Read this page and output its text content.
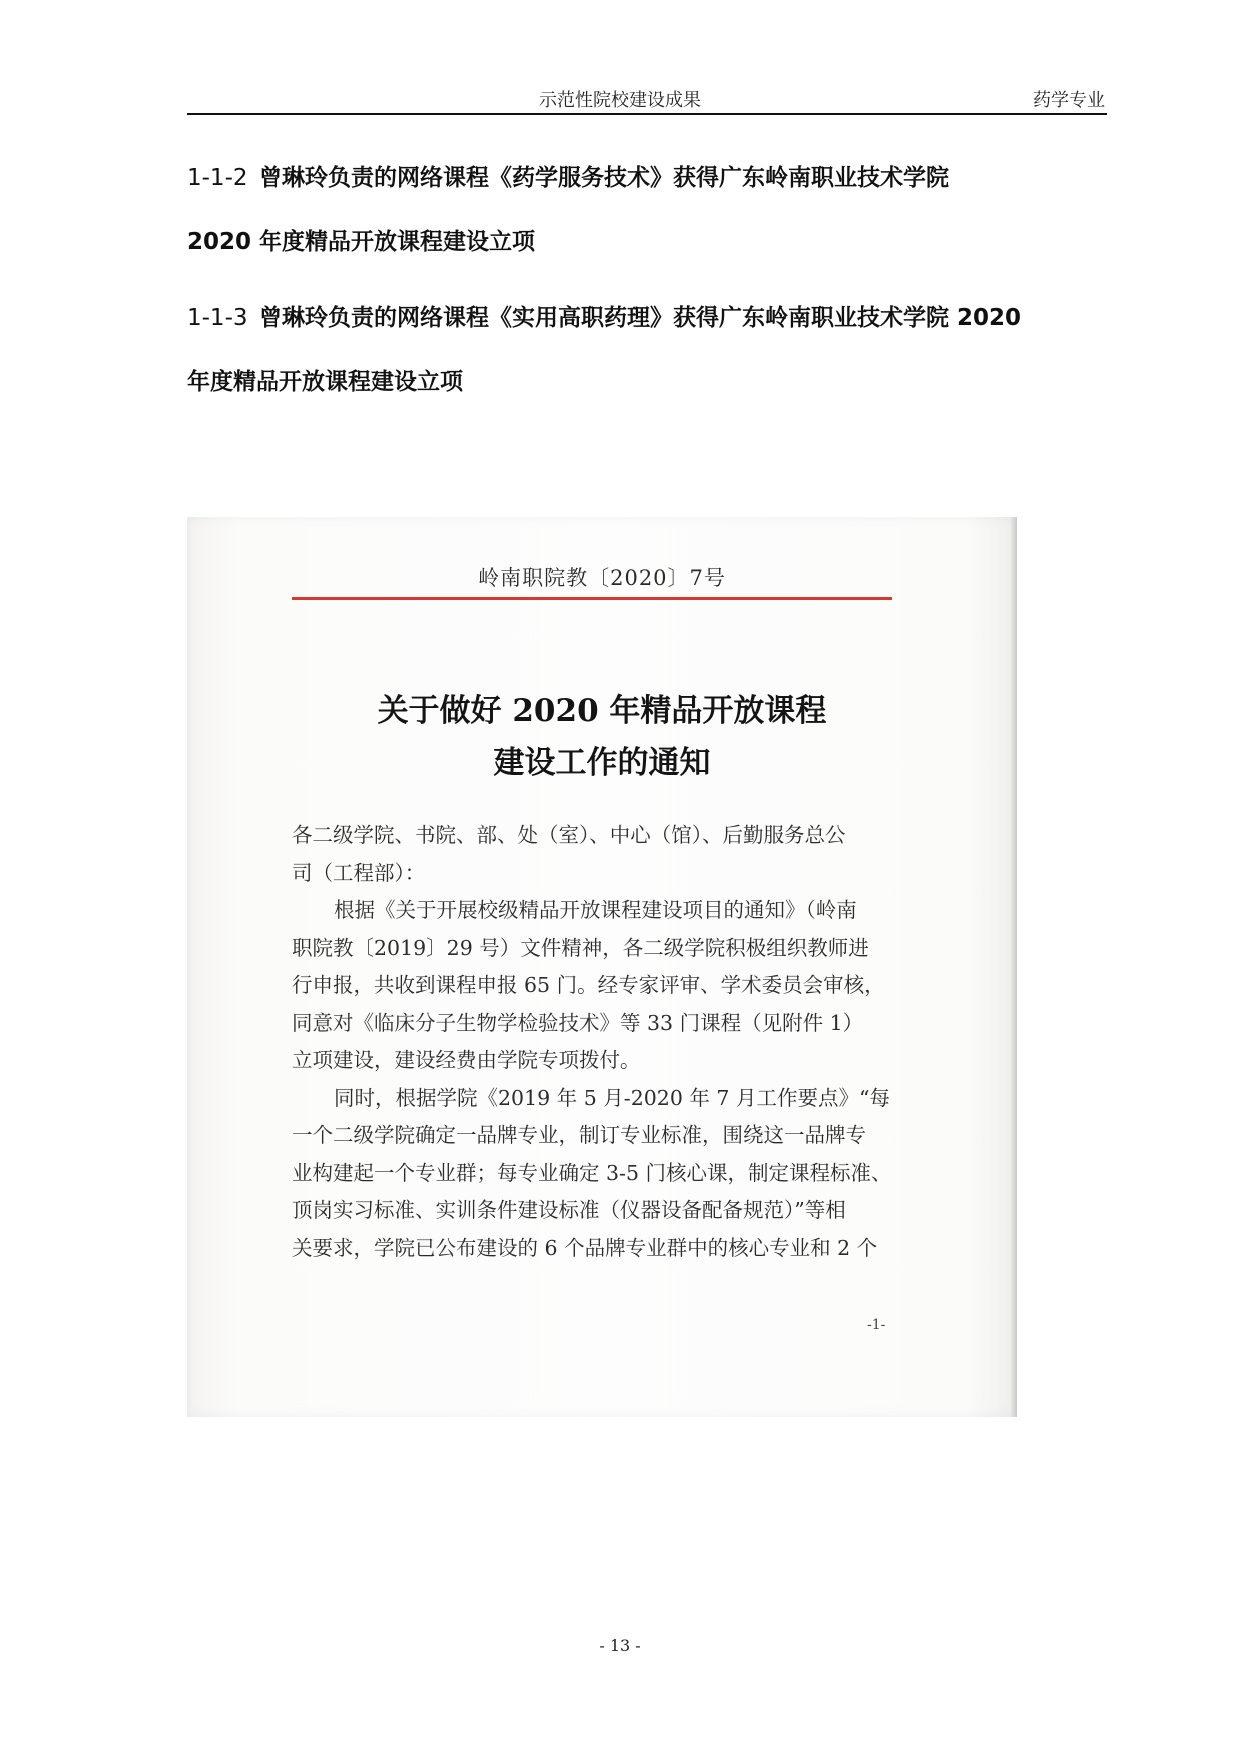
示范性院校建设成果	药学专业
1-1-2 曾琳玲负责的网络课程《药学服务技术》获得广东岭南职业技术学院
2020 年度精品开放课程建设立项
1-1-3 曾琳玲负责的网络课程《实用高职药理》获得广东岭南职业技术学院 2020
年度精品开放课程建设立项
岭南职院教〔2020〕7号
关于做好 2020 年精品开放课程
建设工作的通知
各二级学院、书院、部、处（室）、中心（馆）、后勤服务总公
司（工程部）：
根据《关于开展校级精品开放课程建设项目的通知》（岭南
职院教〔2019〕29 号）文件精神，各二级学院积极组织教师进
行申报，共收到课程申报 65 门。经专家评审、学术委员会审核，
同意对《临床分子生物学检验技术》等 33 门课程（见附件 1）
立项建设，建设经费由学院专项拨付。
同时，根据学院《2019 年 5 月-2020 年 7 月工作要点》“每
一个二级学院确定一品牌专业，制订专业标准，围绕这一品牌专
业构建起一个专业群；每专业确定 3-5 门核心课，制定课程标准、
顶岗实习标准、实训条件建设标准（仪器设备配备规范）”等相
关要求，学院已公布建设的 6 个品牌专业群中的核心专业和 2 个
-1-
- 13 -
